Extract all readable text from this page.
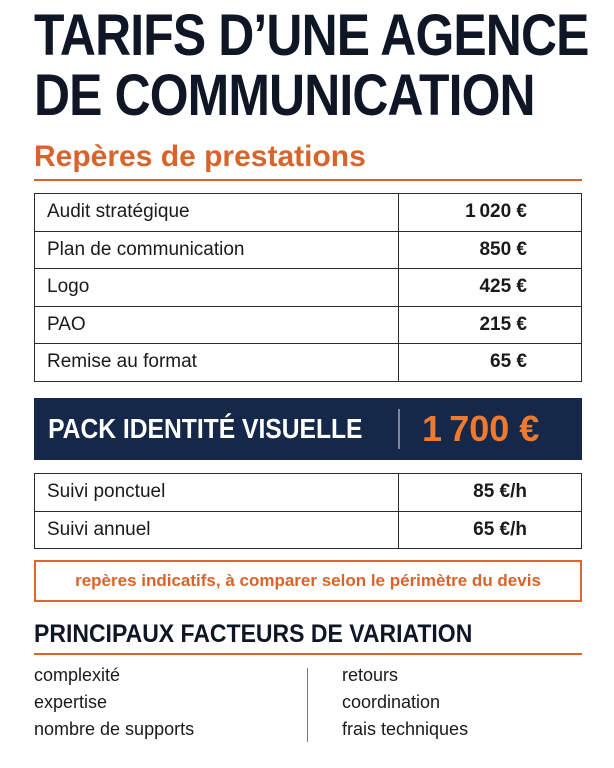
TARIFS D’UNE AGENCE
DE COMMUNICATION
Repères de prestations
Audit stratégique	1 020 €
Plan de communication	850 €
Logo	425 €
PAO	215 €
Remise au format	65 €
PACK IDENTITÉ VISUELLE	1 700 €
Suivi ponctuel	85 €/h
Suivi annuel	65 €/h
repères indicatifs, à comparer selon le périmètre du devis
PRINCIPAUX FACTEURS DE VARIATION
complexité
expertise
nombre de supports
retours
coordination
frais techniques
